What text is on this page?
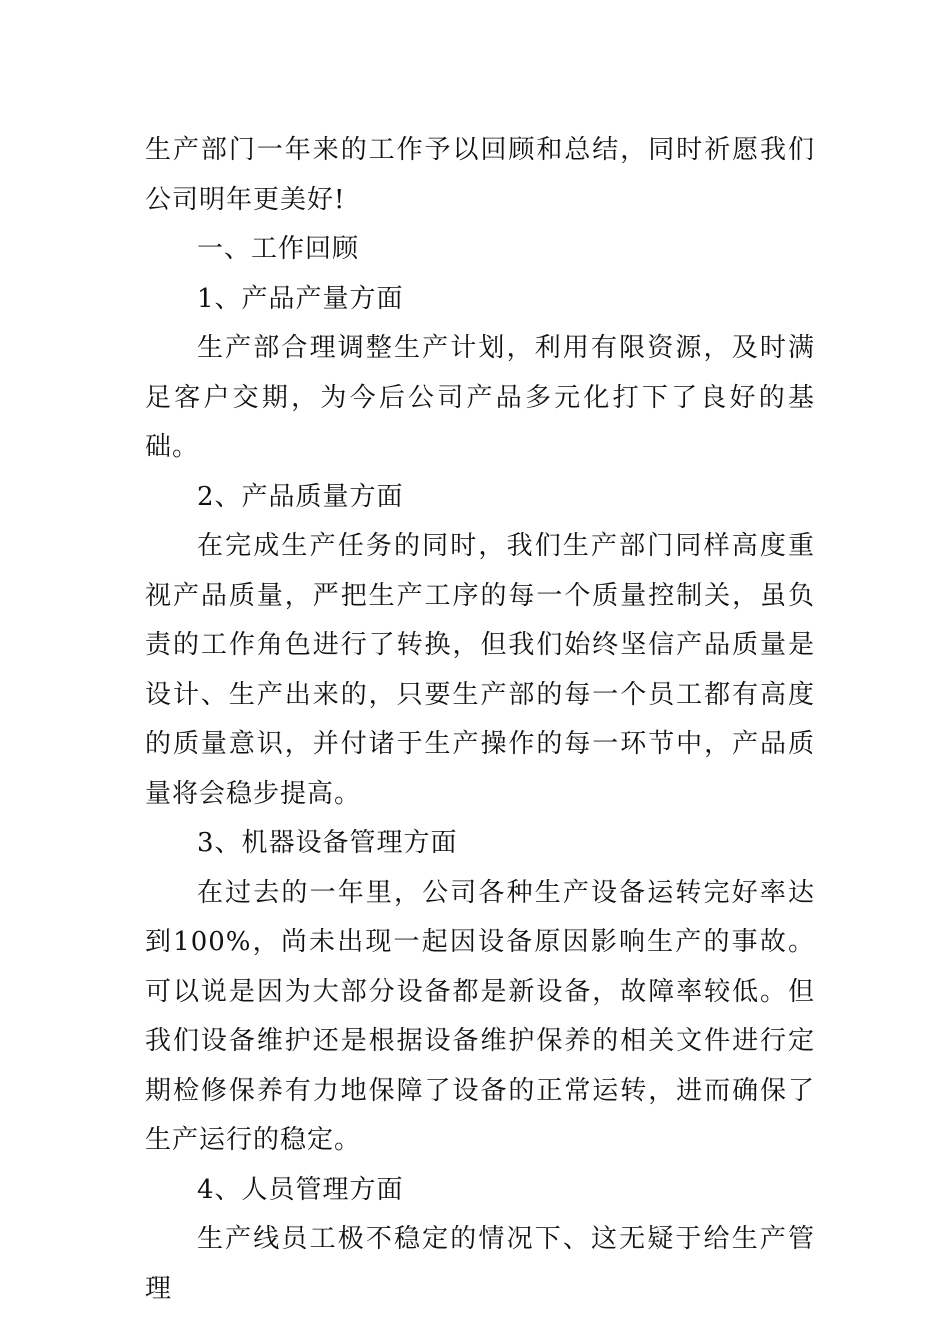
生产部门一年来的工作予以回顾和总结，同时祈愿我们公司明年更美好!

一、工作回顾

1、产品产量方面

生产部合理调整生产计划，利用有限资源，及时满足客户交期，为今后公司产品多元化打下了良好的基础。

2、产品质量方面

在完成生产任务的同时，我们生产部门同样高度重视产品质量，严把生产工序的每一个质量控制关，虽负责的工作角色进行了转换，但我们始终坚信产品质量是设计、生产出来的，只要生产部的每一个员工都有高度的质量意识，并付诸于生产操作的每一环节中，产品质量将会稳步提高。

3、机器设备管理方面

在过去的一年里，公司各种生产设备运转完好率达到100%，尚未出现一起因设备原因影响生产的事故。可以说是因为大部分设备都是新设备，故障率较低。但我们设备维护还是根据设备维护保养的相关文件进行定期检修保养有力地保障了设备的正常运转，进而确保了生产运行的稳定。

4、人员管理方面

生产线员工极不稳定的情况下、这无疑于给生产管理
